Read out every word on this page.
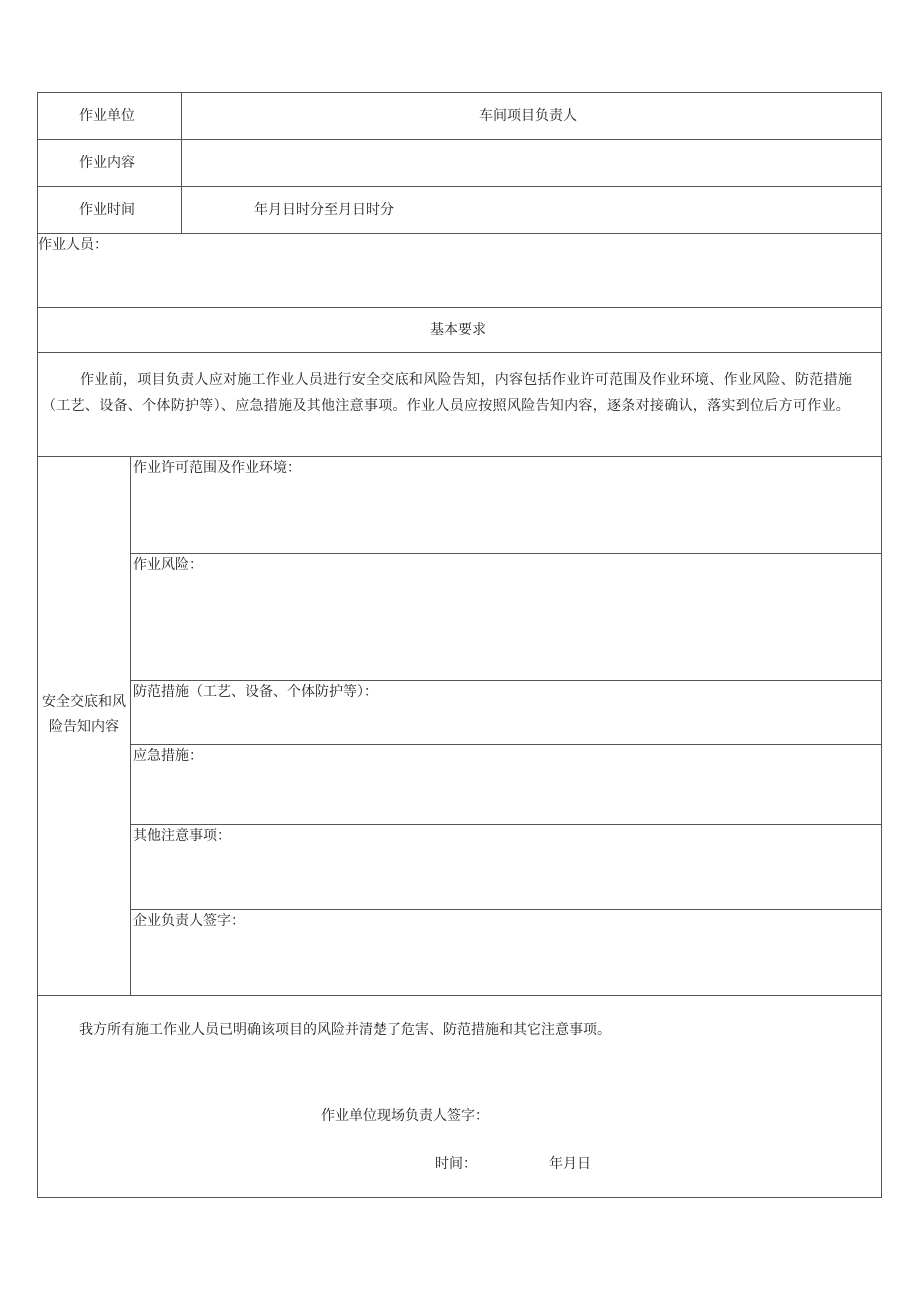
作业单位	车间项目负责人
作业内容
作业时间	年月日时分至月日时分
作业人员：
基本要求
作业前，项目负责人应对施工作业人员进行安全交底和风险告知，内容包括作业许可范围及作业环境、作业风险、防范措施（工艺、设备、个体防护等）、应急措施及其他注意事项。作业人员应按照风险告知内容，逐条对接确认，落实到位后方可作业。
安全交底和风险告知内容
作业许可范围及作业环境：
作业风险：
防范措施（工艺、设备、个体防护等）：
应急措施：
其他注意事项：
企业负责人签字：
我方所有施工作业人员已明确该项目的风险并清楚了危害、防范措施和其它注意事项。
作业单位现场负责人签字：
时间：	年月日
